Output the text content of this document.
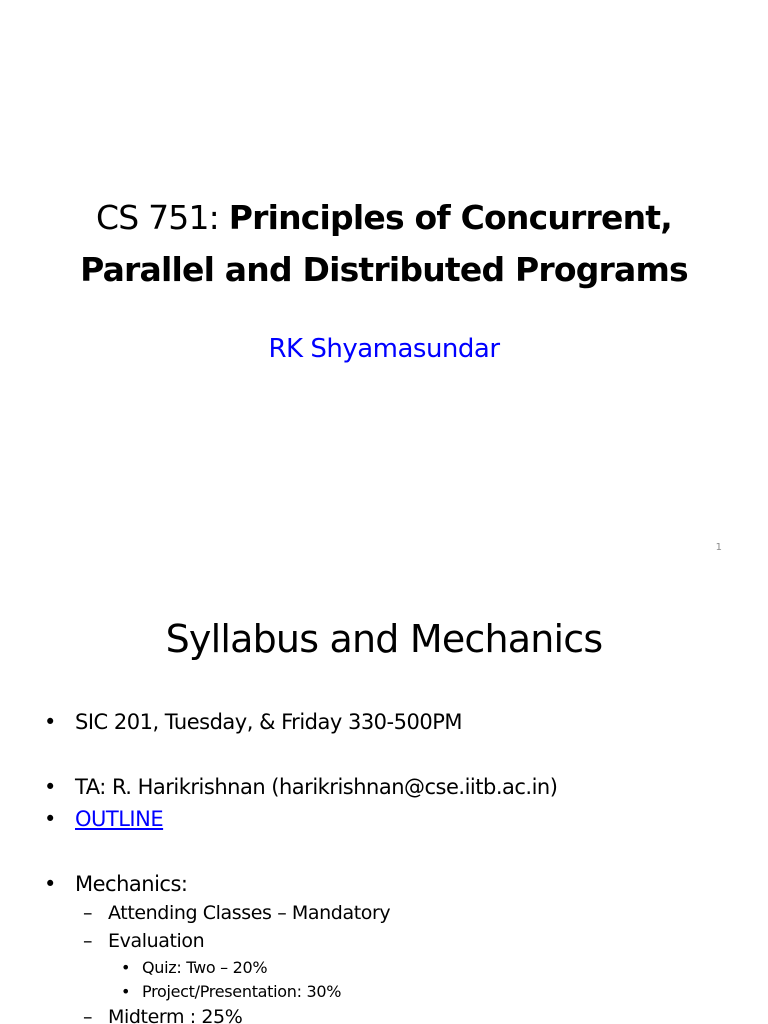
CS 751: Principles of Concurrent,
Parallel and Distributed Programs
RK Shyamasundar
1
Syllabus and Mechanics
• SIC 201, Tuesday, & Friday 330-500PM
• TA: R. Harikrishnan (harikrishnan@cse.iitb.ac.in)
• OUTLINE
• Mechanics:
– Attending Classes – Mandatory
– Evaluation
• Quiz: Two – 20%
• Project/Presentation: 30%
– Midterm : 25%
